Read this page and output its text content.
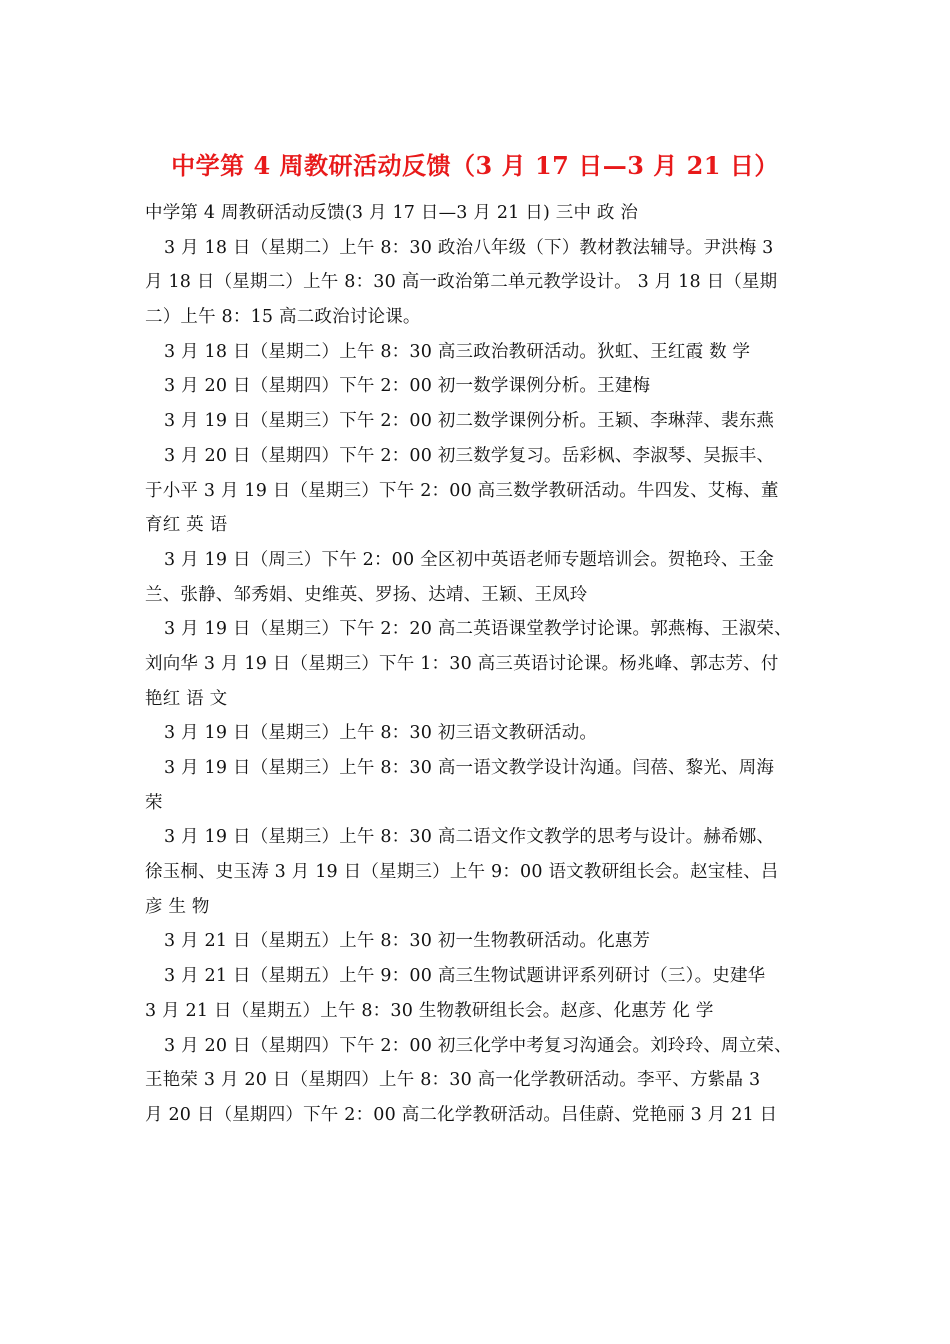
中学第 4 周教研活动反馈（3 月 17 日—3 月 21 日）
中学第 4 周教研活动反馈(3 月 17 日—3 月 21 日) 三中 政 治
3 月 18 日（星期二）上午 8：30 政治八年级（下）教材教法辅导。尹洪梅 3
月 18 日（星期二）上午 8：30 高一政治第二单元教学设计。 3 月 18 日（星期
二）上午 8：15 高二政治讨论课。
3 月 18 日（星期二）上午 8：30 高三政治教研活动。狄虹、王红霞 数 学
3 月 20 日（星期四）下午 2：00 初一数学课例分析。王建梅
3 月 19 日（星期三）下午 2：00 初二数学课例分析。王颖、李琳萍、裴东燕
3 月 20 日（星期四）下午 2：00 初三数学复习。岳彩枫、李淑琴、吴振丰、
于小平 3 月 19 日（星期三）下午 2：00 高三数学教研活动。牛四发、艾梅、董
育红 英 语
3 月 19 日（周三）下午 2：00 全区初中英语老师专题培训会。贺艳玲、王金
兰、张静、邹秀娟、史维英、罗扬、达靖、王颖、王凤玲
3 月 19 日（星期三）下午 2：20 高二英语课堂教学讨论课。郭燕梅、王淑荣、
刘向华 3 月 19 日（星期三）下午 1：30 高三英语讨论课。杨兆峰、郭志芳、付
艳红 语 文
3 月 19 日（星期三）上午 8：30 初三语文教研活动。
3 月 19 日（星期三）上午 8：30 高一语文教学设计沟通。闫蓓、黎光、周海
荣
3 月 19 日（星期三）上午 8：30 高二语文作文教学的思考与设计。赫希娜、
徐玉桐、史玉涛 3 月 19 日（星期三）上午 9：00 语文教研组长会。赵宝桂、吕
彦 生 物
3 月 21 日（星期五）上午 8：30 初一生物教研活动。化惠芳
3 月 21 日（星期五）上午 9：00 高三生物试题讲评系列研讨（三）。史建华
3 月 21 日（星期五）上午 8：30 生物教研组长会。赵彦、化惠芳 化 学
3 月 20 日（星期四）下午 2：00 初三化学中考复习沟通会。刘玲玲、周立荣、
王艳荣 3 月 20 日（星期四）上午 8：30 高一化学教研活动。李平、方紫晶 3
月 20 日（星期四）下午 2：00 高二化学教研活动。吕佳蔚、党艳丽 3 月 21 日
